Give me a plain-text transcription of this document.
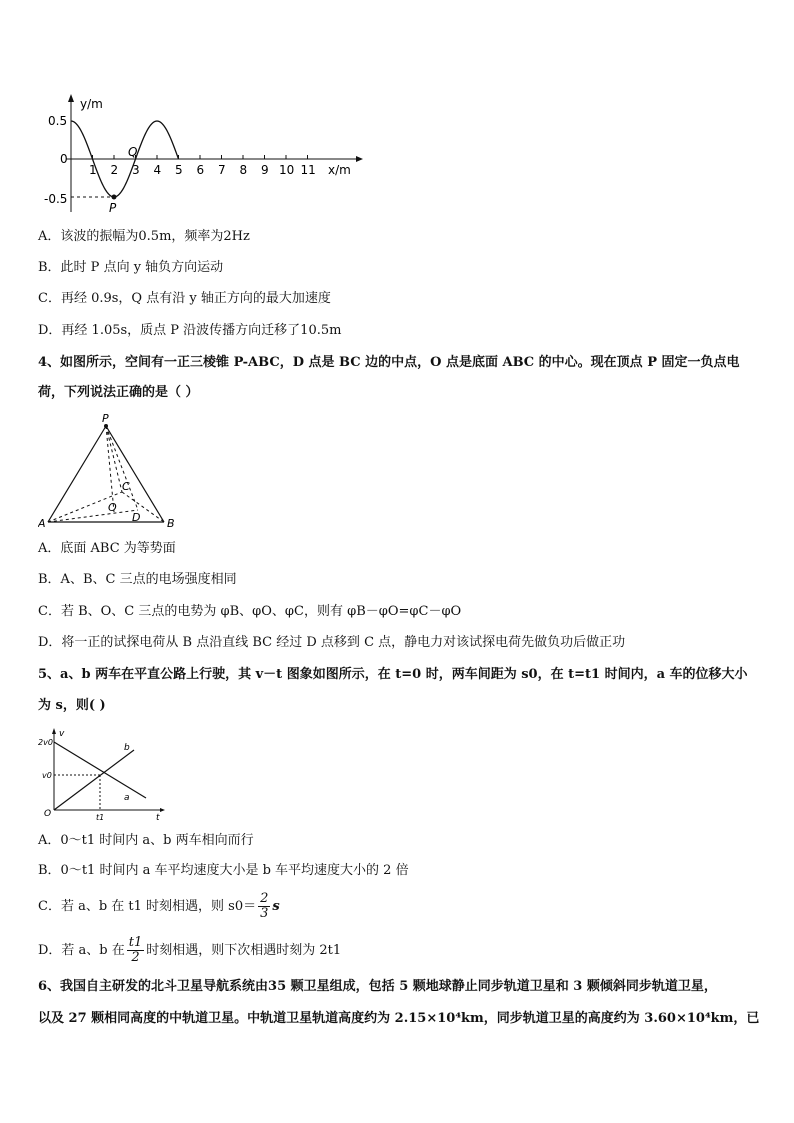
y/m
x/m
0.5
0
-0.5
1 2 3 4 5 6 7 8 9 10 11
Q
P
A．该波的振幅为0.5m，频率为2Hz
B．此时 P 点向 y 轴负方向运动
C．再经 0.9s，Q 点有沿 y 轴正方向的最大加速度
D．再经 1.05s，质点 P 沿波传播方向迁移了10.5m
4、如图所示，空间有一正三棱锥 P-ABC，D 点是 BC 边的中点，O 点是底面 ABC 的中心。现在顶点 P 固定一负点电
荷，下列说法正确的是（ ）
P
A	B
C
O
D
A．底面 ABC 为等势面
B．A、B、C 三点的电场强度相同
C．若 B、O、C 三点的电势为 φB、φO、φC，则有 φB－φO=φC－φO
D．将一正的试探电荷从 B 点沿直线 BC 经过 D 点移到 C 点，静电力对该试探电荷先做负功后做正功
5、a、b 两车在平直公路上行驶，其 v－t 图象如图所示，在 t=0 时，两车间距为 s0，在 t=t1 时间内，a 车的位移大小
为 s，则( )
v
t
2v0
v0
O	t1
a
b
A．0～t1 时间内 a、b 两车相向而行
B．0～t1 时间内 a 车平均速度大小是 b 车平均速度大小的 2 倍
C．若 a、b 在 t1 时刻相遇，则 $s0= \frac{2}{3}$ s
D．若 a、b 在 $\frac{t1}{2}$ 时刻相遇，则下次相遇时刻为 2t1
6、我国自主研发的北斗卫星导航系统由35 颗卫星组成，包括 5 颗地球静止同步轨道卫星和 3 颗倾斜同步轨道卫星，
以及 27 颗相同高度的中轨道卫星。中轨道卫星轨道高度约为 2.15×10⁴km，同步轨道卫星的高度约为 3.60×10⁴km，已
